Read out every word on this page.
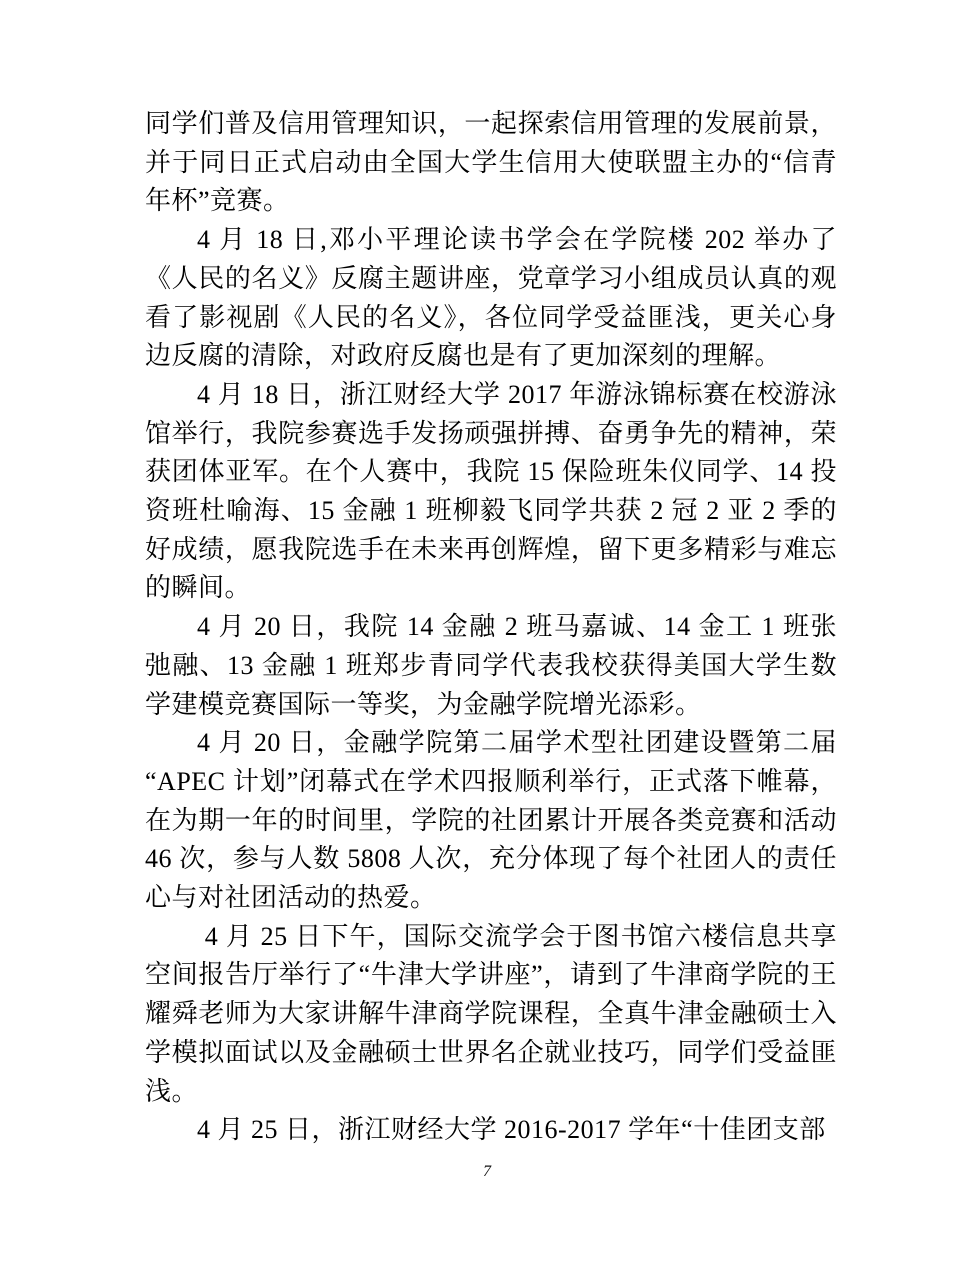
同学们普及信用管理知识，一起探索信用管理的发展前景，并于同日正式启动由全国大学生信用大使联盟主办的“信青年杯”竞赛。

4 月 18 日,邓小平理论读书学会在学院楼 202 举办了《人民的名义》反腐主题讲座，党章学习小组成员认真的观看了影视剧《人民的名义》，各位同学受益匪浅，更关心身边反腐的清除，对政府反腐也是有了更加深刻的理解。

4 月 18 日，浙江财经大学 2017 年游泳锦标赛在校游泳馆举行，我院参赛选手发扬顽强拼搏、奋勇争先的精神，荣获团体亚军。在个人赛中，我院 15 保险班朱仪同学、14 投资班杜喻海、15 金融 1 班柳毅飞同学共获 2 冠 2 亚 2 季的好成绩，愿我院选手在未来再创辉煌，留下更多精彩与难忘的瞬间。

4 月 20 日，我院 14 金融 2 班马嘉诚、14 金工 1 班张弛融、13 金融 1 班郑步青同学代表我校获得美国大学生数学建模竞赛国际一等奖，为金融学院增光添彩。

4 月 20 日，金融学院第二届学术型社团建设暨第二届“APEC 计划”闭幕式在学术四报顺利举行，正式落下帷幕，在为期一年的时间里，学院的社团累计开展各类竞赛和活动 46 次，参与人数 5808 人次，充分体现了每个社团人的责任心与对社团活动的热爱。

4 月 25 日下午，国际交流学会于图书馆六楼信息共享空间报告厅举行了“牛津大学讲座”，请到了牛津商学院的王耀舜老师为大家讲解牛津商学院课程，全真牛津金融硕士入学模拟面试以及金融硕士世界名企就业技巧，同学们受益匪浅。

4 月 25 日，浙江财经大学 2016-2017 学年“十佳团支部

7
